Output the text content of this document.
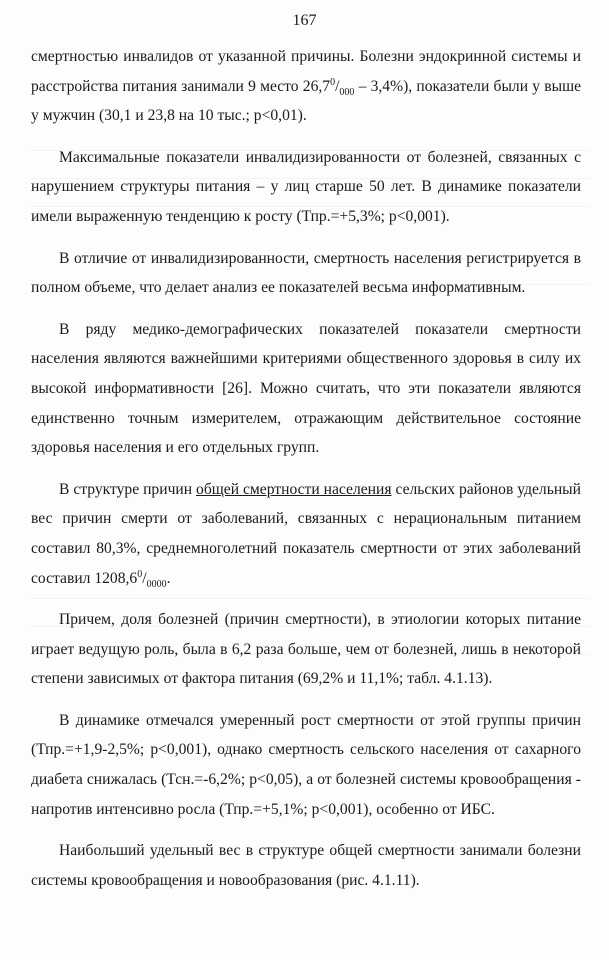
167

смертностью инвалидов от указанной причины. Болезни эндокринной системы и расстройства питания занимали 9 место $26,7^0/_{000} - 3,4\%$), показатели были у выше у мужчин (30,1 и 23,8 на 10 тыс.; р<0,01).

Максимальные показатели инвалидизированности от болезней, связанных с нарушением структуры питания – у лиц старше 50 лет. В динамике показатели имели выраженную тенденцию к росту (Тпр.=+5,3%; р<0,001).

В отличие от инвалидизированности, смертность населения регистрируется в полном объеме, что делает анализ ее показателей весьма информативным.

В ряду медико-демографических показателей показатели смертности населения являются важнейшими критериями общественного здоровья в силу их высокой информативности [26]. Можно считать, что эти показатели являются единственно точным измерителем, отражающим действительное состояние здоровья населения и его отдельных групп.

В структуре причин общей смертности населения сельских районов удельный вес причин смерти от заболеваний, связанных с нерациональным питанием составил 80,3%, среднемноголетний показатель смертности от этих заболеваний составил $1208,6^0/_{0000}$.

Причем, доля болезней (причин смертности), в этиологии которых питание играет ведущую роль, была в 6,2 раза больше, чем от болезней, лишь в некоторой степени зависимых от фактора питания (69,2% и 11,1%; табл. 4.1.13).

В динамике отмечался умеренный рост смертности от этой группы причин (Тпр.=+1,9-2,5%; р<0,001), однако смертность сельского населения от сахарного диабета снижалась (Тсн.=-6,2%; р<0,05), а от болезней системы кровообращения - напротив интенсивно росла (Тпр.=+5,1%; р<0,001), особенно от ИБС.

Наибольший удельный вес в структуре общей смертности занимали болезни системы кровообращения и новообразования (рис. 4.1.11).
